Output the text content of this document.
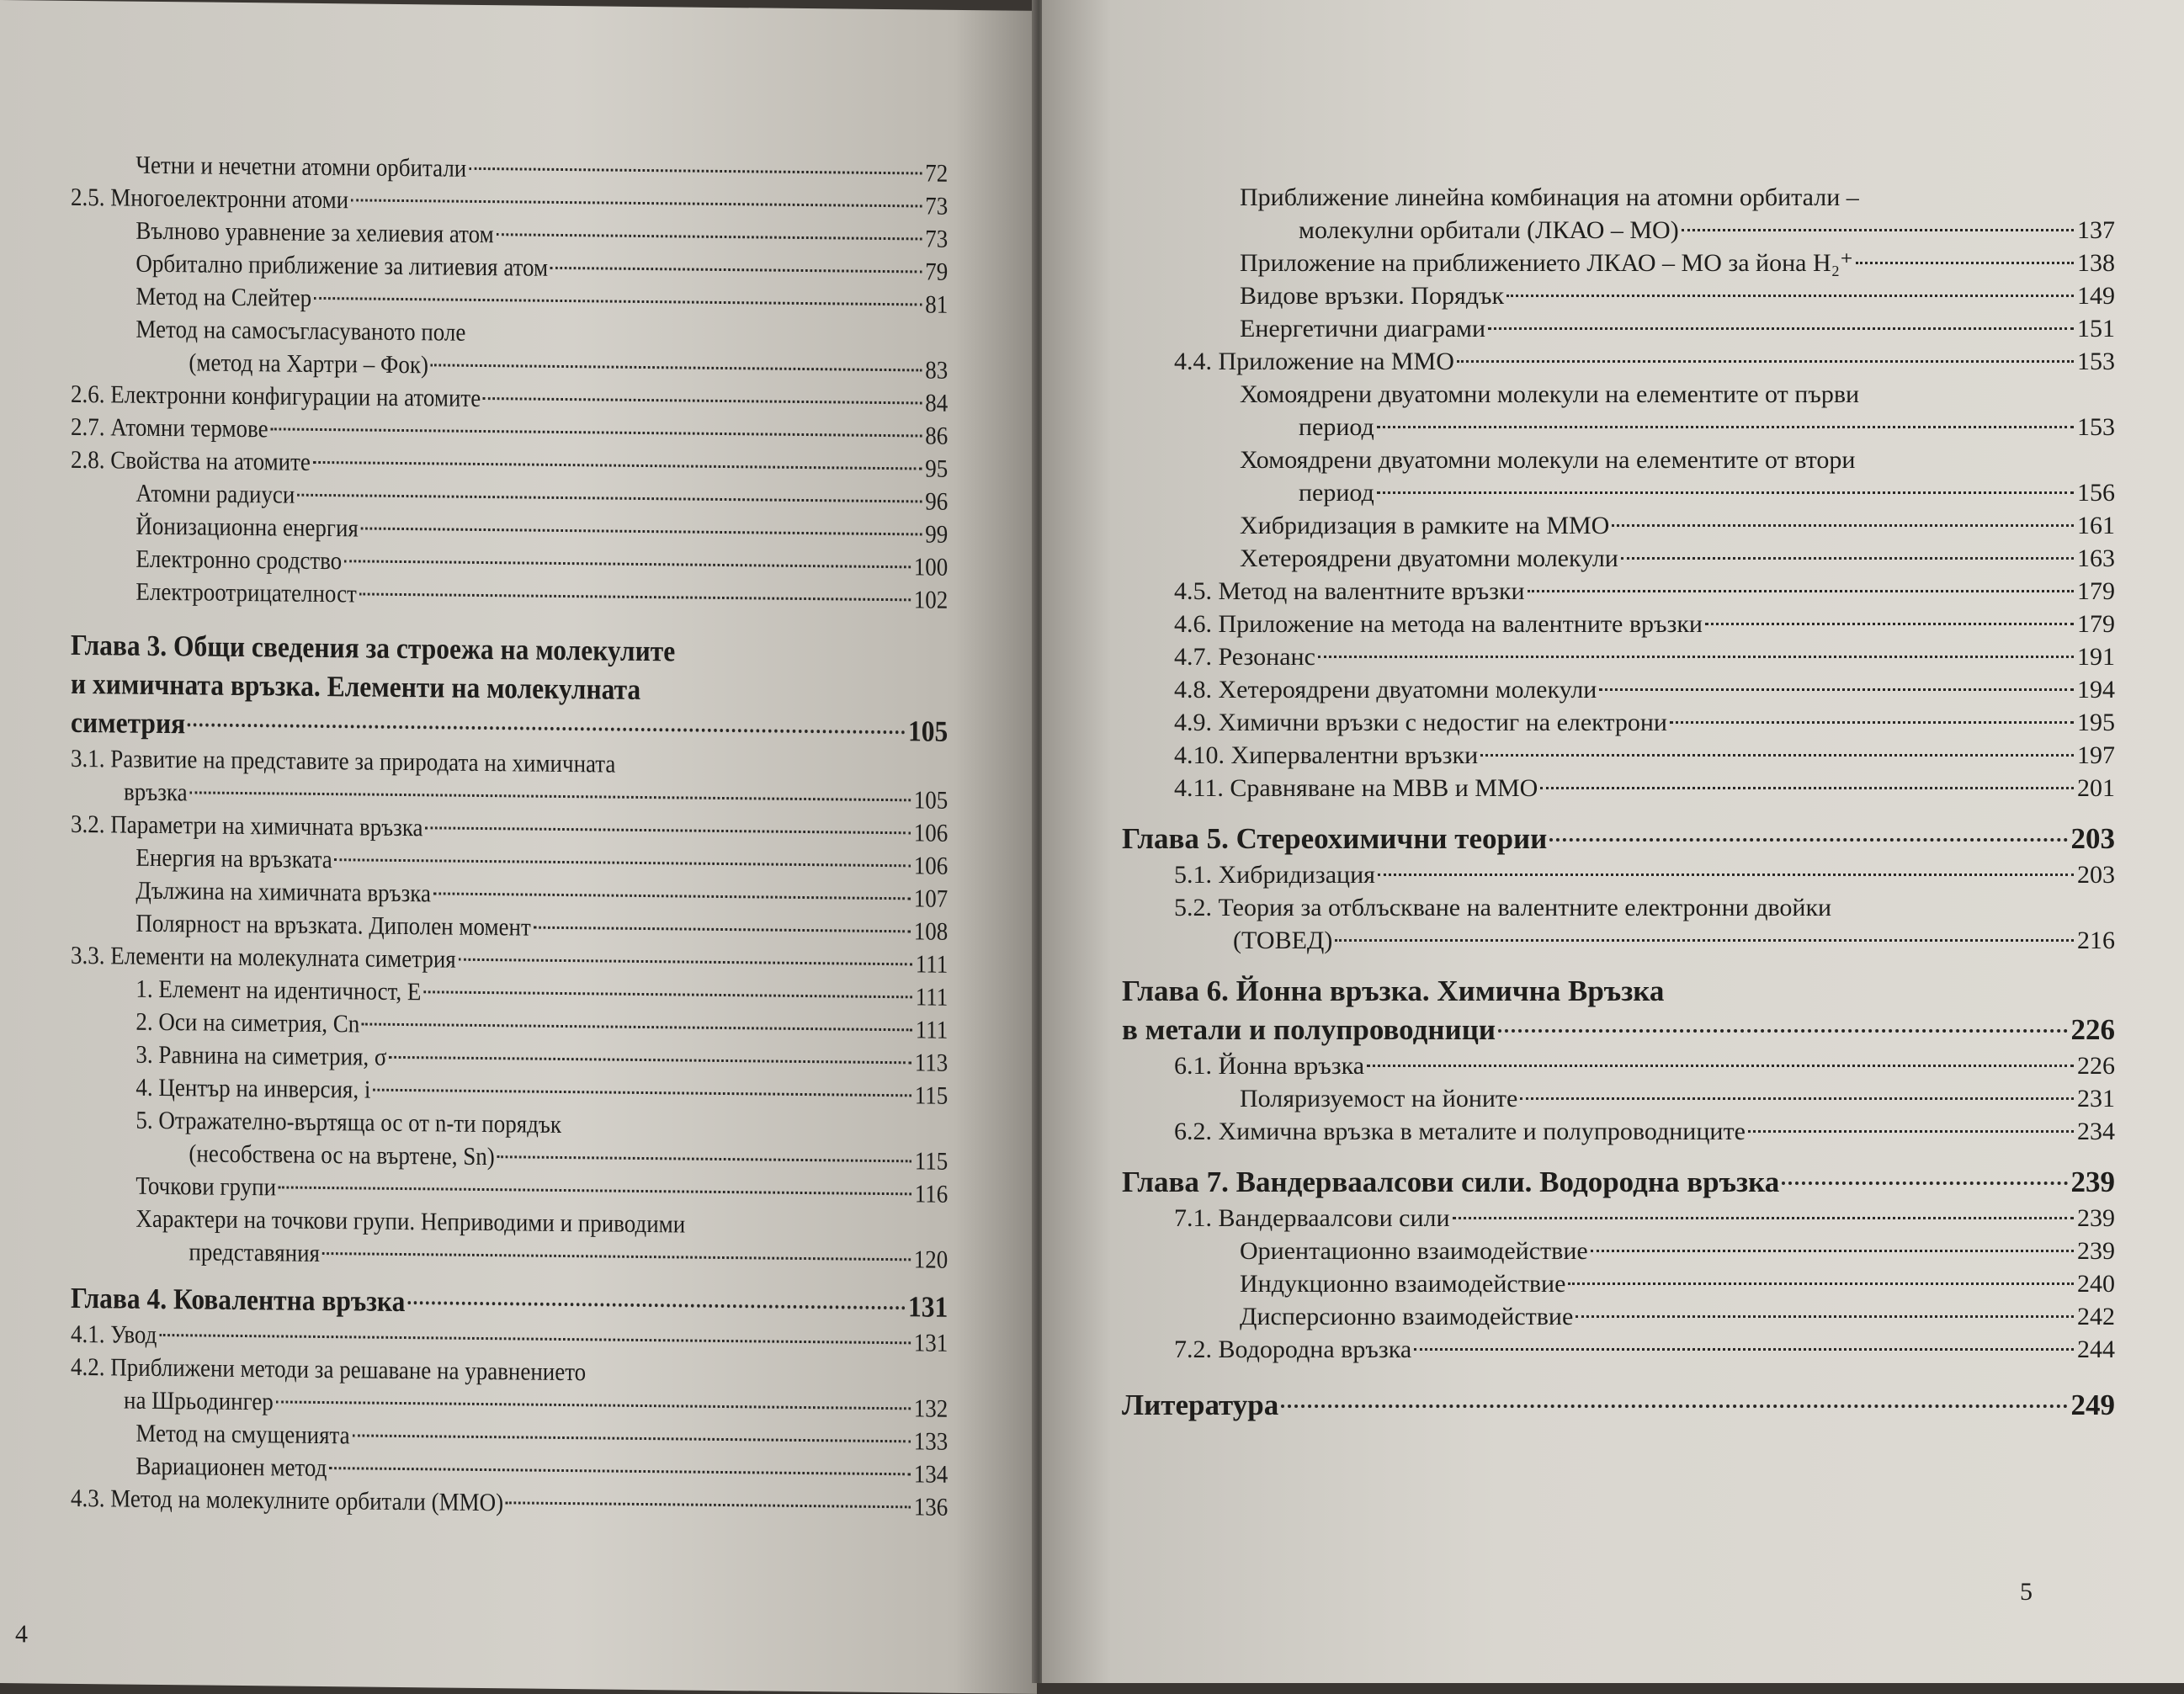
Четни и нечетни атомни орбитали	72
2.5. Многоелектронни атоми	73
Вълново уравнение за хелиевия атом	73
Орбитално приближение за литиевия атом	79
Метод на Слейтер	81
Метод на самосъгласуваното поле
(метод на Хартри – Фок)	83
2.6. Електронни конфигурации на атомите	84
2.7. Атомни термове	86
2.8. Свойства на атомите	95
Атомни радиуси	96
Йонизационна енергия	99
Електронно сродство	100
Електроотрицателност	102
Глава 3. Общи сведения за строежа на молекулите
и химичната връзка. Елементи на молекулната
симетрия	105
3.1. Развитие на представите за природата на химичната
връзка	105
3.2. Параметри на химичната връзка	106
Енергия на връзката	106
Дължина на химичната връзка	107
Полярност на връзката. Диполен момент	108
3.3. Елементи на молекулната симетрия	111
1. Елемент на идентичност, E	111
2. Оси на симетрия, Cn	111
3. Равнина на симетрия, σ	113
4. Център на инверсия, i	115
5. Отражателно-въртяща ос от n-ти порядък
(несобствена ос на въртене, Sn)	115
Точкови групи	116
Характери на точкови групи. Неприводими и приводими
представяния	120
Глава 4. Ковалентна връзка	131
4.1. Увод	131
4.2. Приближени методи за решаване на уравнението
на Шрьодингер	132
Метод на смущенията	133
Вариационен метод	134
4.3. Метод на молекулните орбитали (ММО)	136
4
Приближение линейна комбинация на атомни орбитали –
молекулни орбитали (ЛКАО – МО)	137
Приложение на приближението ЛКАО – МО за йона H₂⁺	138
Видове връзки. Порядък	149
Енергетични диаграми	151
4.4. Приложение на ММО	153
Хомоядрени двуатомни молекули на елементите от първи
период	153
Хомоядрени двуатомни молекули на елементите от втори
период	156
Хибридизация в рамките на ММО	161
Хетероядрени двуатомни молекули	163
4.5. Метод на валентните връзки	179
4.6. Приложение на метода на валентните връзки	179
4.7. Резонанс	191
4.8. Хетероядрени двуатомни молекули	194
4.9. Химични връзки с недостиг на електрони	195
4.10. Хипервалентни връзки	197
4.11. Сравняване на МВВ и ММО	201
Глава 5. Стереохимични теории	203
5.1. Хибридизация	203
5.2. Теория за отблъскване на валентните електронни двойки
(ТОВЕД)	216
Глава 6. Йонна връзка. Химична Връзка
в метали и полупроводници	226
6.1. Йонна връзка	226
Поляризуемост на йоните	231
6.2. Химична връзка в металите и полупроводниците	234
Глава 7. Вандерваалсови сили. Водородна връзка	239
7.1. Вандерваалсови сили	239
Ориентационно взаимодействие	239
Индукционно взаимодействие	240
Дисперсионно взаимодействие	242
7.2. Водородна връзка	244
Литература	249
5
